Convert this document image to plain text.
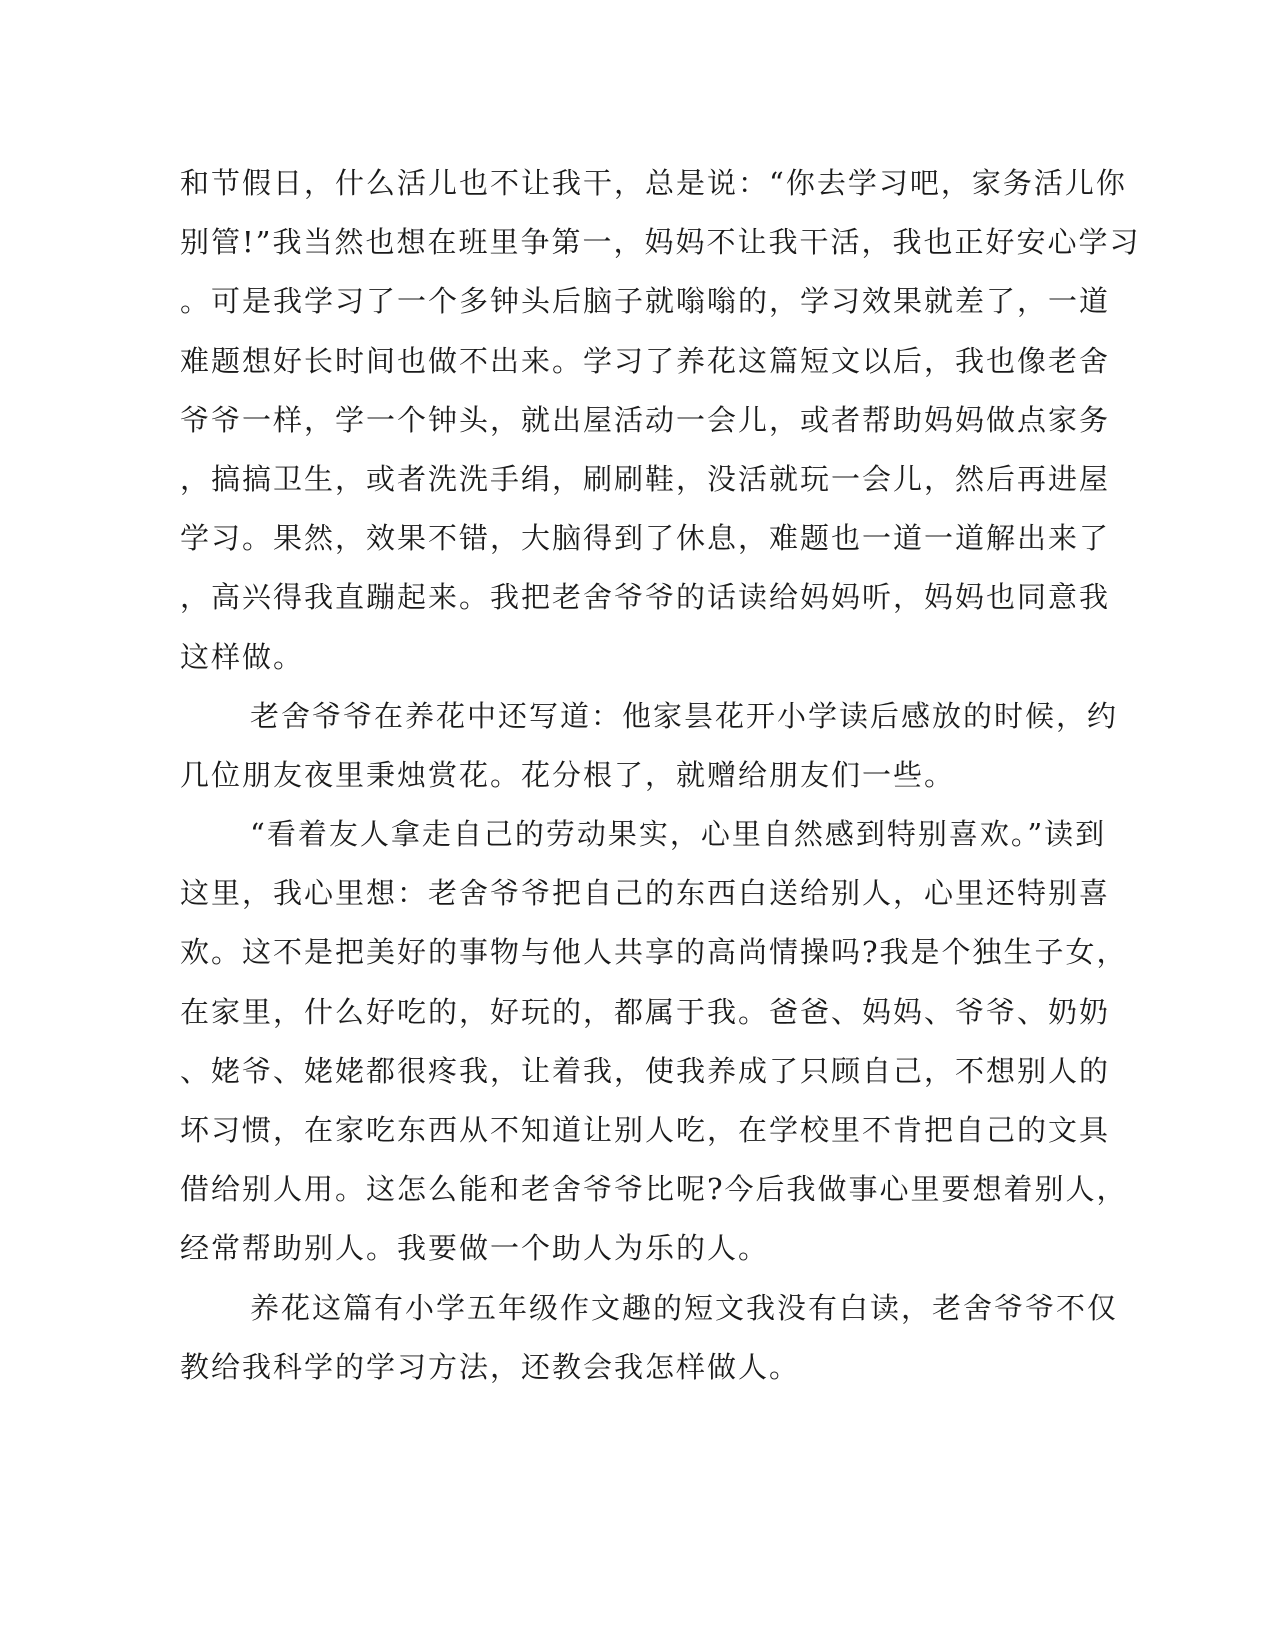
和节假日，什么活儿也不让我干，总是说：“你去学习吧，家务活儿你
别管!”我当然也想在班里争第一，妈妈不让我干活，我也正好安心学习
。可是我学习了一个多钟头后脑子就嗡嗡的，学习效果就差了，一道
难题想好长时间也做不出来。学习了养花这篇短文以后，我也像老舍
爷爷一样，学一个钟头，就出屋活动一会儿，或者帮助妈妈做点家务
，搞搞卫生，或者洗洗手绢，刷刷鞋，没活就玩一会儿，然后再进屋
学习。果然，效果不错，大脑得到了休息，难题也一道一道解出来了
，高兴得我直蹦起来。我把老舍爷爷的话读给妈妈听，妈妈也同意我
这样做。
老舍爷爷在养花中还写道：他家昙花开小学读后感放的时候，约
几位朋友夜里秉烛赏花。花分根了，就赠给朋友们一些。
“看着友人拿走自己的劳动果实，心里自然感到特别喜欢。”读到
这里，我心里想：老舍爷爷把自己的东西白送给别人，心里还特别喜
欢。这不是把美好的事物与他人共享的高尚情操吗?我是个独生子女，
在家里，什么好吃的，好玩的，都属于我。爸爸、妈妈、爷爷、奶奶
、姥爷、姥姥都很疼我，让着我，使我养成了只顾自己，不想别人的
坏习惯，在家吃东西从不知道让别人吃，在学校里不肯把自己的文具
借给别人用。这怎么能和老舍爷爷比呢?今后我做事心里要想着别人，
经常帮助别人。我要做一个助人为乐的人。
养花这篇有小学五年级作文趣的短文我没有白读，老舍爷爷不仅
教给我科学的学习方法，还教会我怎样做人。
